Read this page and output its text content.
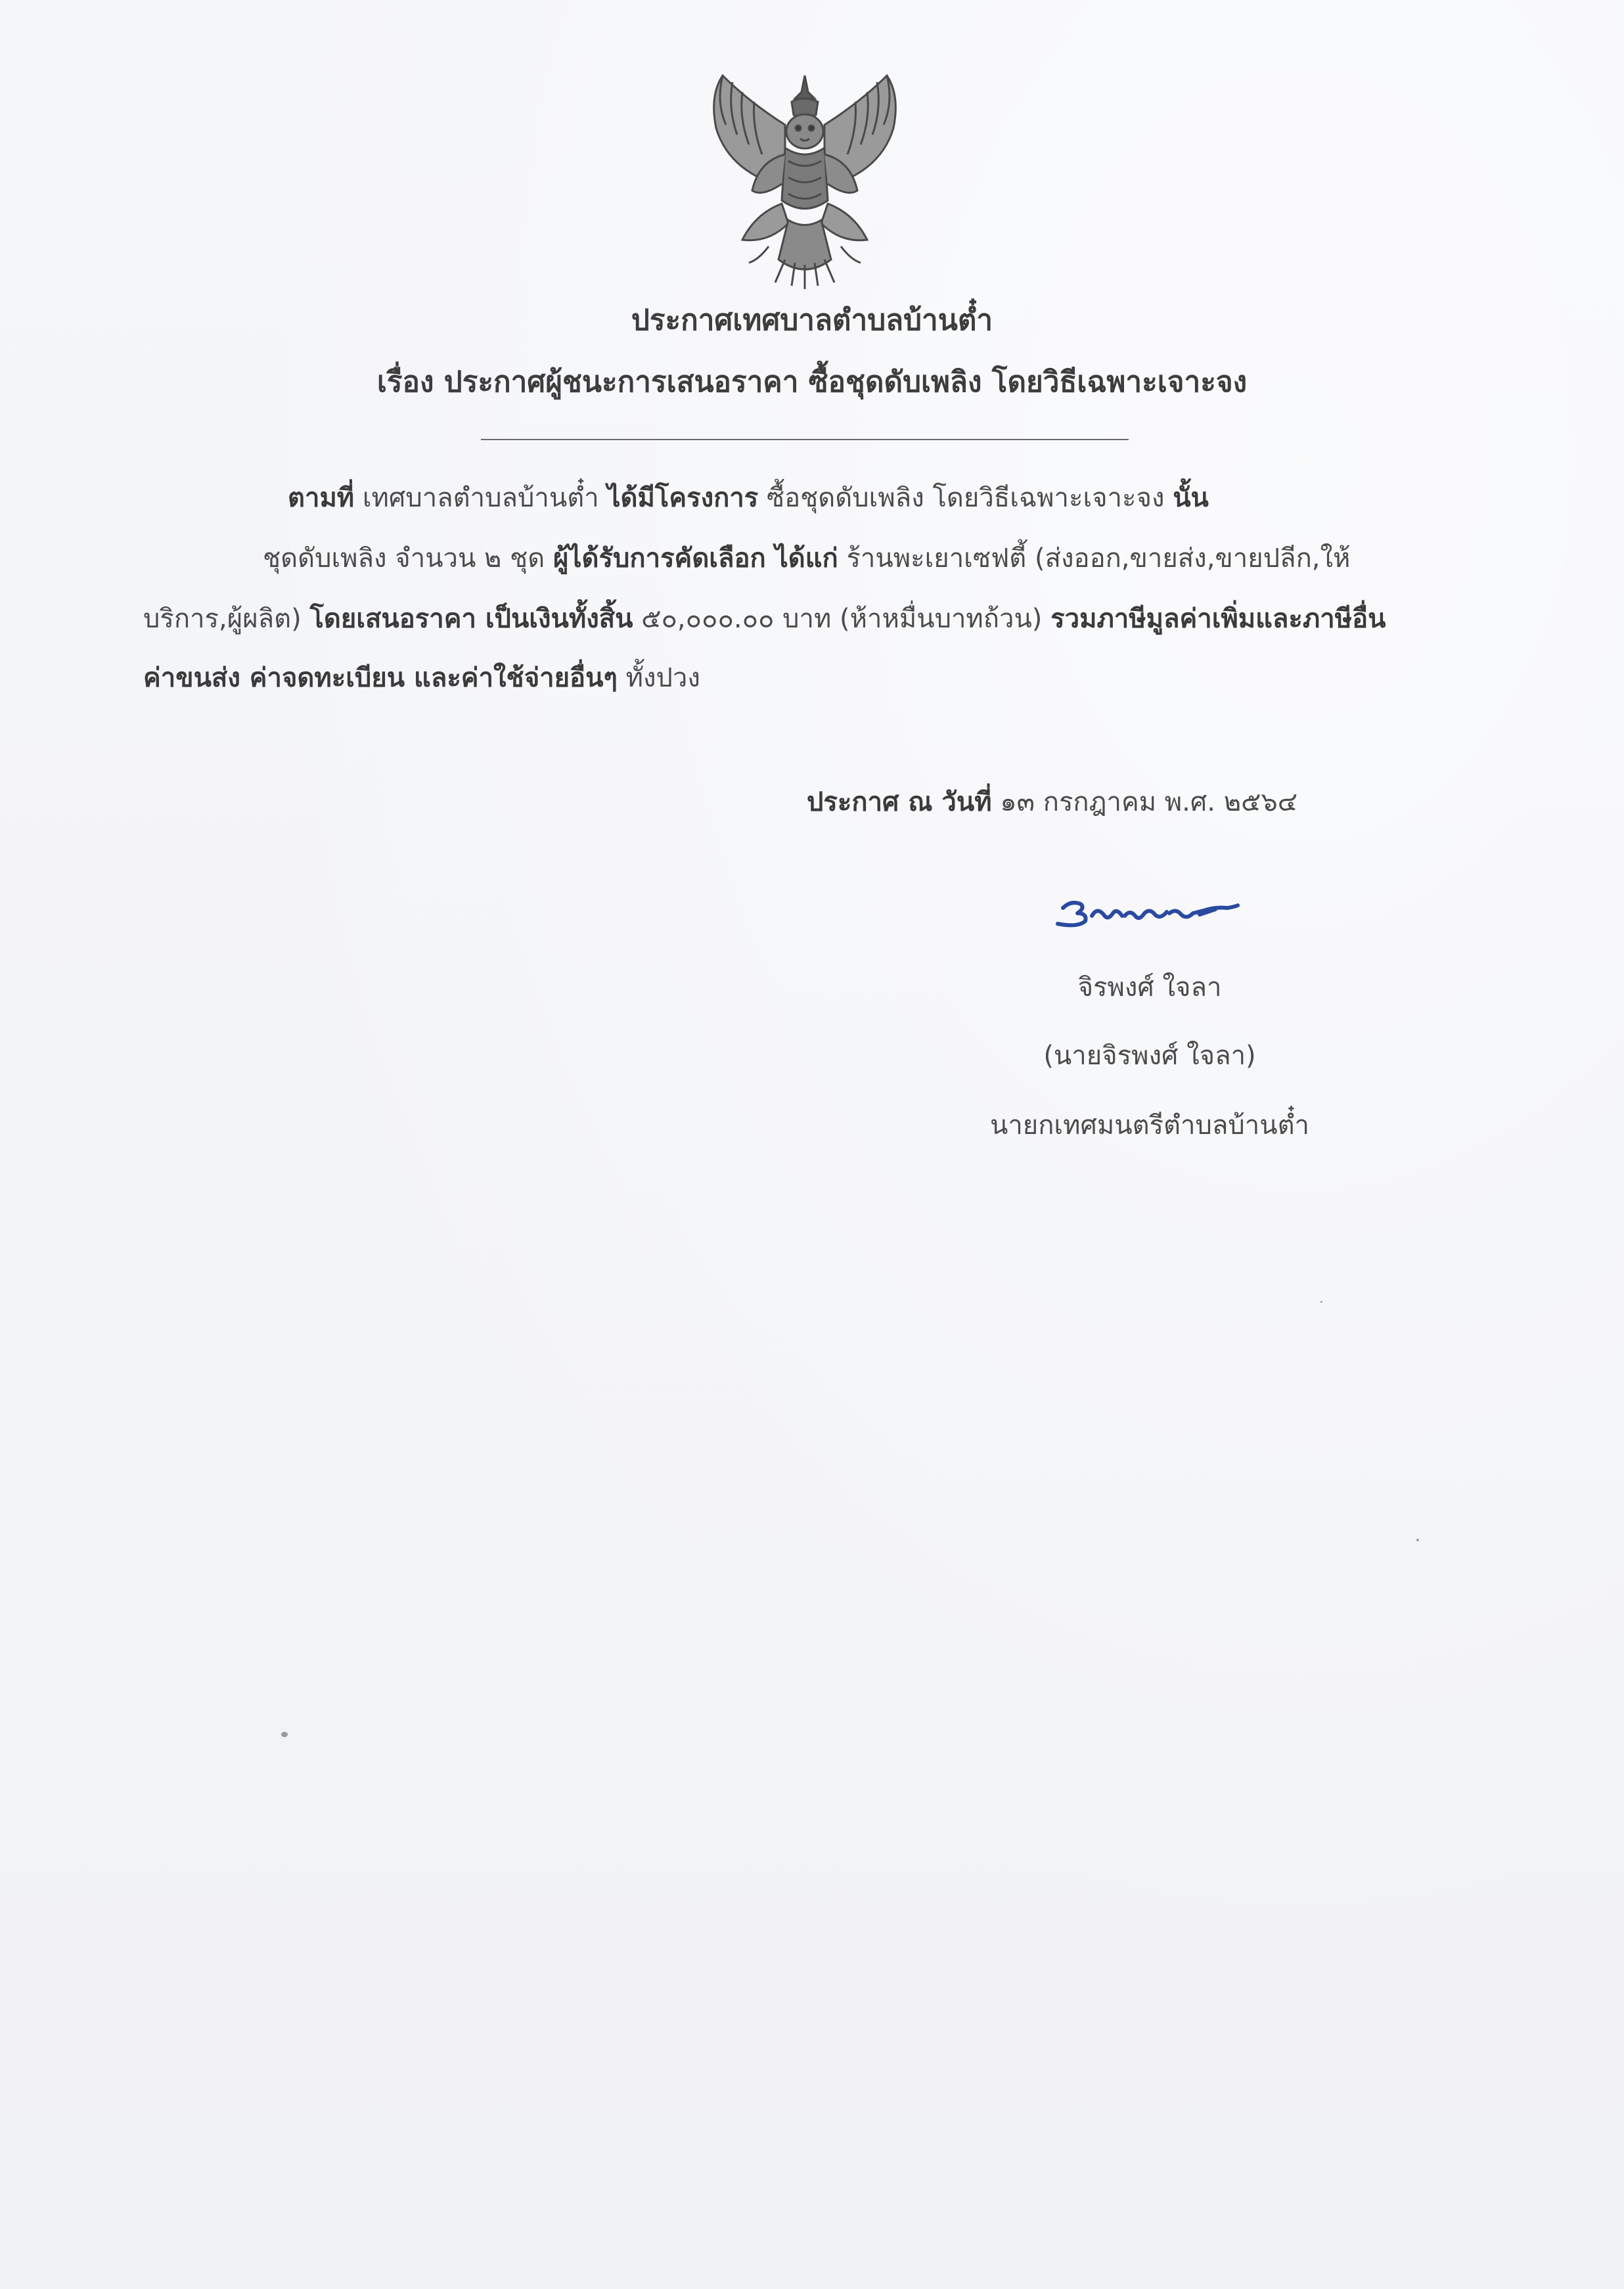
ประกาศเทศบาลตำบลบ้านต๋ำ
เรื่อง ประกาศผู้ชนะการเสนอราคา ซื้อชุดดับเพลิง โดยวิธีเฉพาะเจาะจง
ตามที่ เทศบาลตำบลบ้านต๋ำ ได้มีโครงการ ซื้อชุดดับเพลิง โดยวิธีเฉพาะเจาะจง นั้น
ชุดดับเพลิง จำนวน ๒ ชุด ผู้ได้รับการคัดเลือก ได้แก่ ร้านพะเยาเซฟตี้ (ส่งออก,ขายส่ง,ขายปลีก,ให้
บริการ,ผู้ผลิต) โดยเสนอราคา เป็นเงินทั้งสิ้น ๕๐,๐๐๐.๐๐ บาท (ห้าหมื่นบาทถ้วน) รวมภาษีมูลค่าเพิ่มและภาษีอื่น
ค่าขนส่ง ค่าจดทะเบียน และค่าใช้จ่ายอื่นๆ ทั้งปวง
ประกาศ ณ วันที่ ๑๓ กรกฎาคม พ.ศ. ๒๕๖๔
จิรพงศ์ ใจลา
(นายจิรพงศ์ ใจลา)
นายกเทศมนตรีตำบลบ้านต๋ำ
